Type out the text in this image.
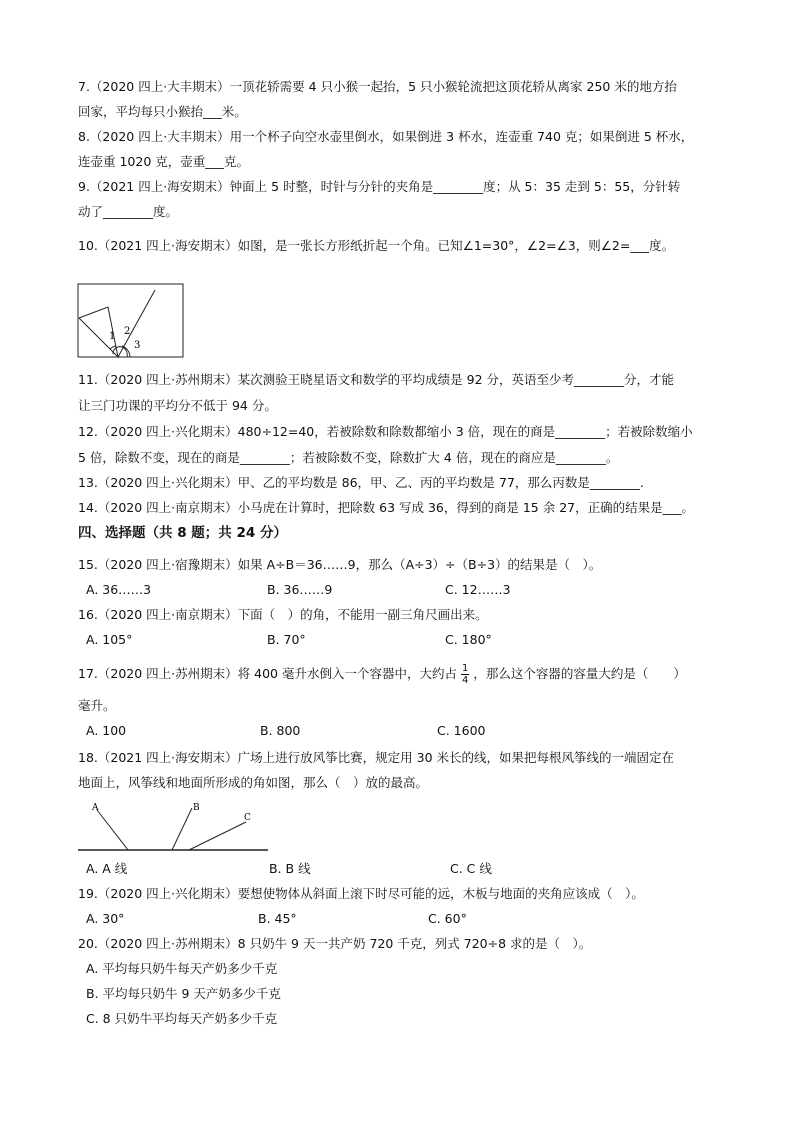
7.（2020 四上·大丰期末）一顶花轿需要 4 只小猴一起抬，5 只小猴轮流把这顶花轿从离家 250 米的地方抬
回家，平均每只小猴抬___米。
8.（2020 四上·大丰期末）用一个杯子向空水壶里倒水，如果倒进 3 杯水，连壶重 740 克；如果倒进 5 杯水，
连壶重 1020 克，壶重___克。
9.（2021 四上·海安期末）钟面上 5 时整，时针与分针的夹角是________度；从 5：35 走到 5：55，分针转
动了________度。
10.（2021 四上·海安期末）如图，是一张长方形纸折起一个角。已知∠1=30°，∠2=∠3，则∠2=___度。
1 2
3
11.（2020 四上·苏州期末）某次测验王晓星语文和数学的平均成绩是 92 分，英语至少考________分，才能
让三门功课的平均分不低于 94 分。
12.（2020 四上·兴化期末）480÷12=40，若被除数和除数都缩小 3 倍，现在的商是________；若被除数缩小
5 倍，除数不变，现在的商是________；若被除数不变，除数扩大 4 倍，现在的商应是________。
13.（2020 四上·兴化期末）甲、乙的平均数是 86，甲、乙、丙的平均数是 77，那么丙数是________.
14.（2020 四上·南京期末）小马虎在计算时，把除数 63 写成 36，得到的商是 15 余 27，正确的结果是___。
四、选择题（共 8 题；共 24 分）
15.（2020 四上·宿豫期末）如果 A÷B＝36……9，那么（A÷3）÷（B÷3）的结果是（　）。
A. 36……3	B. 36……9	C. 12……3
16.（2020 四上·南京期末）下面（　）的角，不能用一副三角尺画出来。
A. 105°	B. 70°	C. 180°
17.（2020 四上·苏州期末）将 400 毫升水倒入一个容器中，大约占 $\frac{1}{4}$ ，那么这个容器的容量大约是（　　）
毫升。
A. 100	B. 800	C. 1600
18.（2021 四上·海安期末）广场上进行放风筝比赛，规定用 30 米长的线，如果把每根风筝线的一端固定在
地面上，风筝线和地面所形成的角如图，那么（　）放的最高。
A	B
C
A. A 线	B. B 线	C. C 线
19.（2020 四上·兴化期末）要想使物体从斜面上滚下时尽可能的远，木板与地面的夹角应该成（　）。
A. 30°	B. 45°	C. 60°
20.（2020 四上·苏州期末）8 只奶牛 9 天一共产奶 720 千克，列式 720÷8 求的是（　）。
A. 平均每只奶牛每天产奶多少千克
B. 平均每只奶牛 9 天产奶多少千克
C. 8 只奶牛平均每天产奶多少千克
